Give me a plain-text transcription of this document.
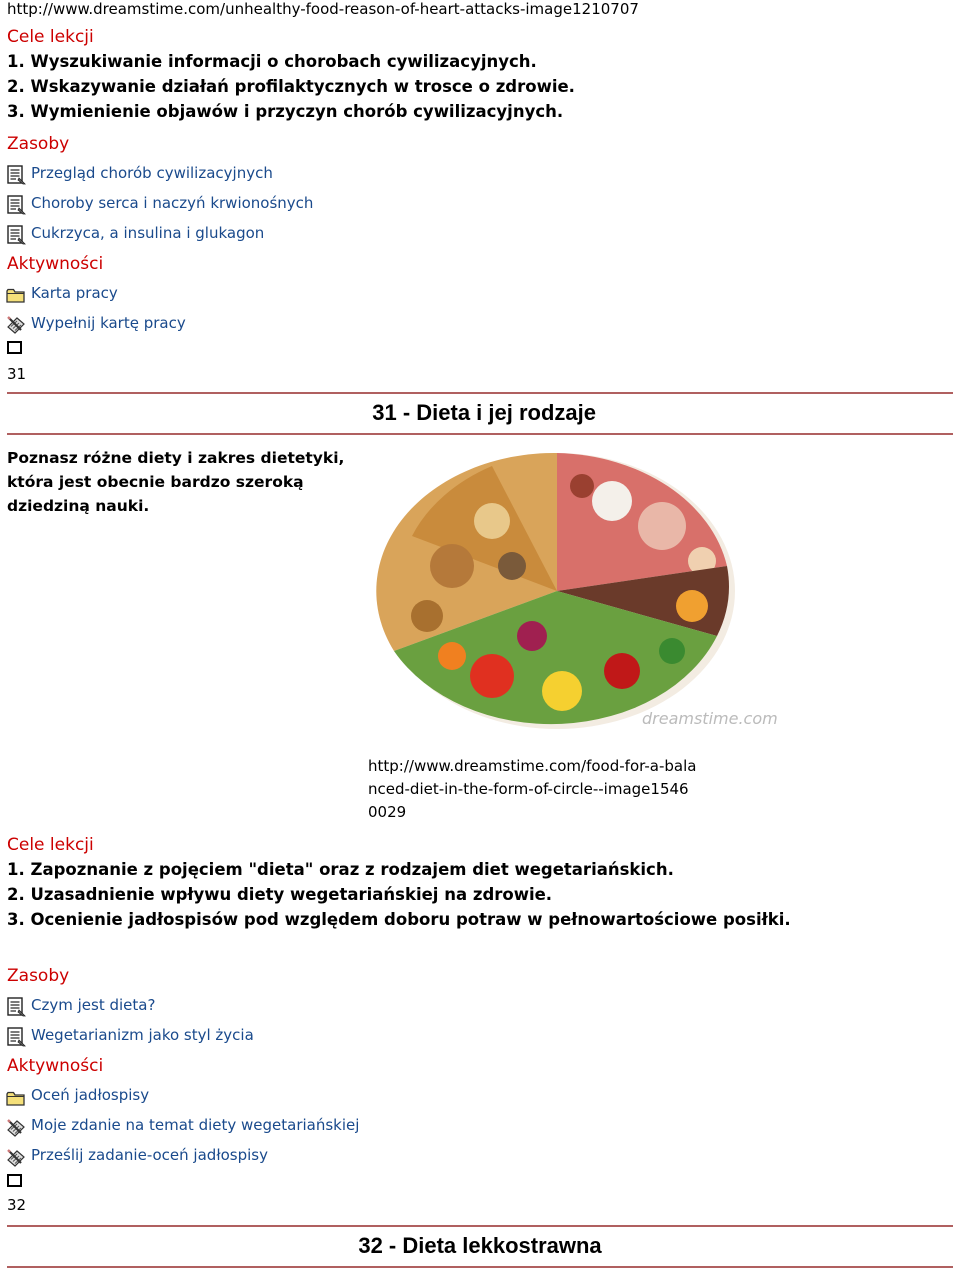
http://www.dreamstime.com/unhealthy-food-reason-of-heart-attacks-image1210707
Cele lekcji
1. Wyszukiwanie informacji o chorobach cywilizacyjnych.
2. Wskazywanie działań profilaktycznych w trosce o zdrowie.
3. Wymienienie objawów i przyczyn chorób cywilizacyjnych.
Zasoby
Przegląd chorób cywilizacyjnych
Choroby serca i naczyń krwionośnych
Cukrzyca, a insulina i glukagon
Aktywności
Karta pracy
Wypełnij kartę pracy
31
31 - Dieta i jej rodzaje
Poznasz różne diety i zakres dietetyki, która jest obecnie bardzo szeroką dziedziną nauki.
dreamstime.com
http://www.dreamstime.com/food-for-a-balanced-diet-in-the-form-of-circle--image15460029
Cele lekcji
1. Zapoznanie z pojęciem "dieta" oraz z rodzajem diet wegetariańskich.
2. Uzasadnienie wpływu diety wegetariańskiej na zdrowie.
3. Ocenienie jadłospisów pod względem doboru potraw w pełnowartościowe posiłki.
Zasoby
Czym jest dieta?
Wegetarianizm jako styl życia
Aktywności
Oceń jadłospisy
Moje zdanie na temat diety wegetariańskiej
Prześlij zadanie-oceń jadłospisy
32
32 - Dieta lekkostrawna
